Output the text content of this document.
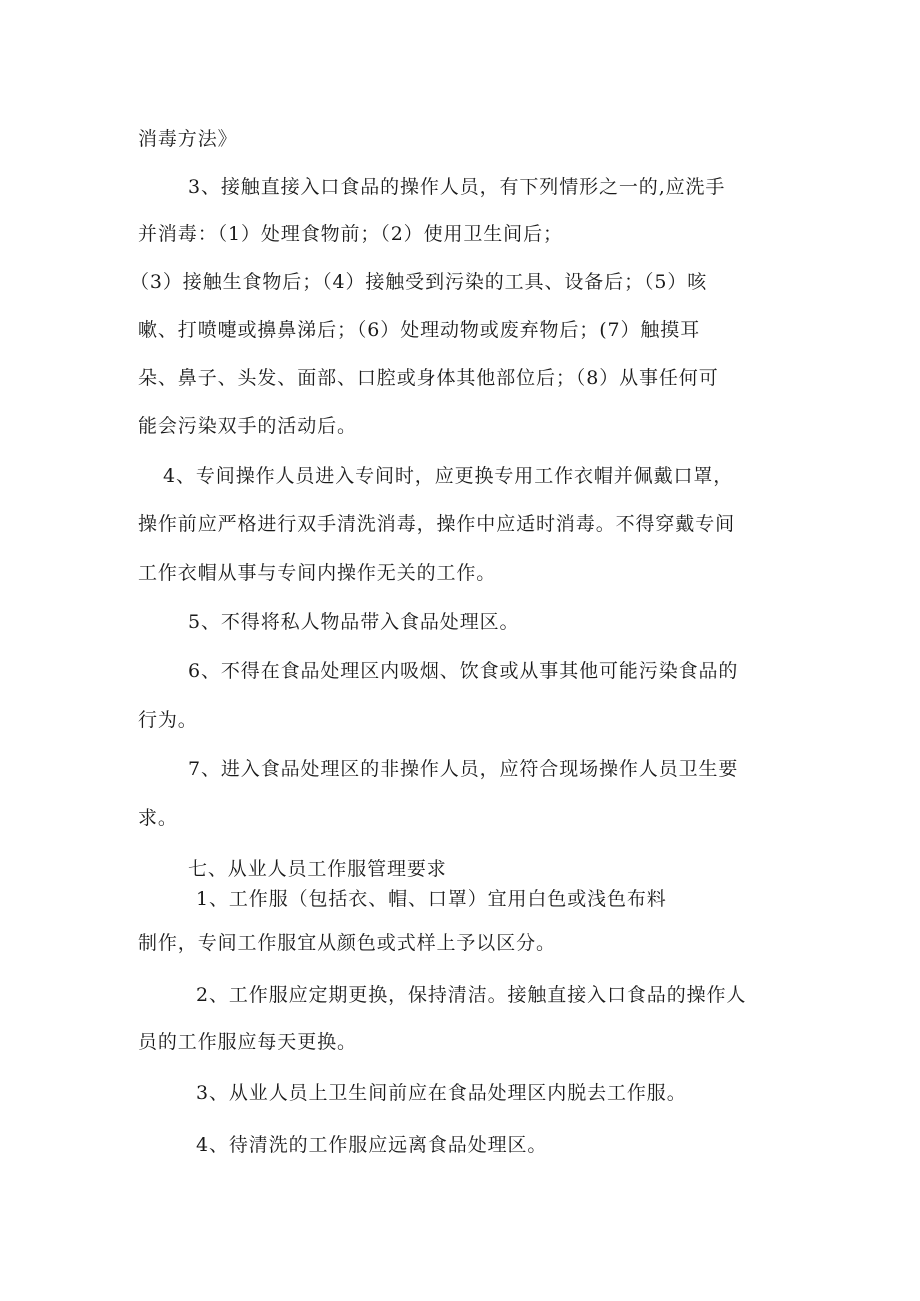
消毒方法》

3、接触直接入口食品的操作人员，有下列情形之一的,应洗手

并消毒：（1）处理食物前；（2）使用卫生间后；

（3）接触生食物后；（4）接触受到污染的工具、设备后；（5）咳

嗽、打喷嚏或擤鼻涕后；（6）处理动物或废弃物后；(7）触摸耳

朵、鼻子、头发、面部、口腔或身体其他部位后；（8）从事任何可

能会污染双手的活动后。

4、专间操作人员进入专间时，应更换专用工作衣帽并佩戴口罩，

操作前应严格进行双手清洗消毒，操作中应适时消毒。不得穿戴专间

工作衣帽从事与专间内操作无关的工作。

5、不得将私人物品带入食品处理区。

6、不得在食品处理区内吸烟、饮食或从事其他可能污染食品的

行为。

7、进入食品处理区的非操作人员，应符合现场操作人员卫生要

求。

七、从业人员工作服管理要求

1、工作服（包括衣、帽、口罩）宜用白色或浅色布料

制作，专间工作服宜从颜色或式样上予以区分。

2、工作服应定期更换，保持清洁。接触直接入口食品的操作人

员的工作服应每天更换。

3、从业人员上卫生间前应在食品处理区内脱去工作服。

4、待清洗的工作服应远离食品处理区。
